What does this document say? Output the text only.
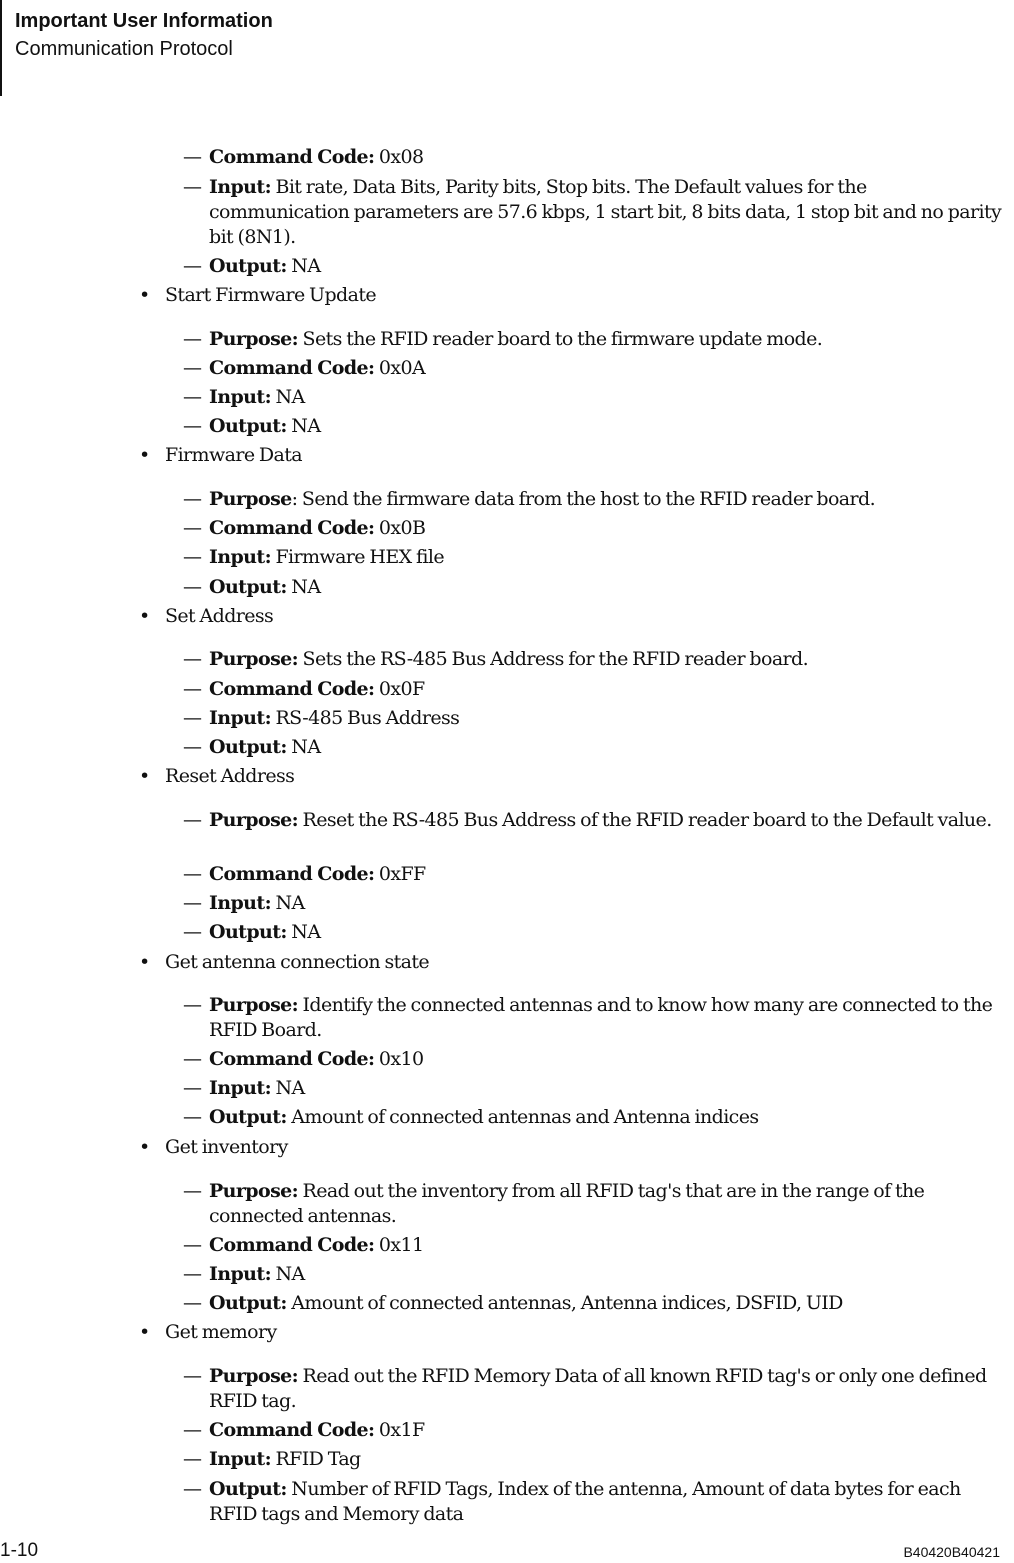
Important User Information
Communication Protocol
— Command Code: 0x08
— Input: Bit rate, Data Bits, Parity bits, Stop bits. The Default values for the communication parameters are 57.6 kbps, 1 start bit, 8 bits data, 1 stop bit and no parity bit (8N1).
— Output: NA
• Start Firmware Update
— Purpose: Sets the RFID reader board to the firmware update mode.
— Command Code: 0x0A
— Input: NA
— Output: NA
• Firmware Data
— Purpose: Send the firmware data from the host to the RFID reader board.
— Command Code: 0x0B
— Input: Firmware HEX file
— Output: NA
• Set Address
— Purpose: Sets the RS-485 Bus Address for the RFID reader board.
— Command Code: 0x0F
— Input: RS-485 Bus Address
— Output: NA
• Reset Address
— Purpose: Reset the RS-485 Bus Address of the RFID reader board to the Default value.
— Command Code: 0xFF
— Input: NA
— Output: NA
• Get antenna connection state
— Purpose: Identify the connected antennas and to know how many are connected to the RFID Board.
— Command Code: 0x10
— Input: NA
— Output: Amount of connected antennas and Antenna indices
• Get inventory
— Purpose: Read out the inventory from all RFID tag's that are in the range of the connected antennas.
— Command Code: 0x11
— Input: NA
— Output: Amount of connected antennas, Antenna indices, DSFID, UID
• Get memory
— Purpose: Read out the RFID Memory Data of all known RFID tag's or only one defined RFID tag.
— Command Code: 0x1F
— Input: RFID Tag
— Output: Number of RFID Tags, Index of the antenna, Amount of data bytes for each RFID tags and Memory data
1-10	B40420B40421
